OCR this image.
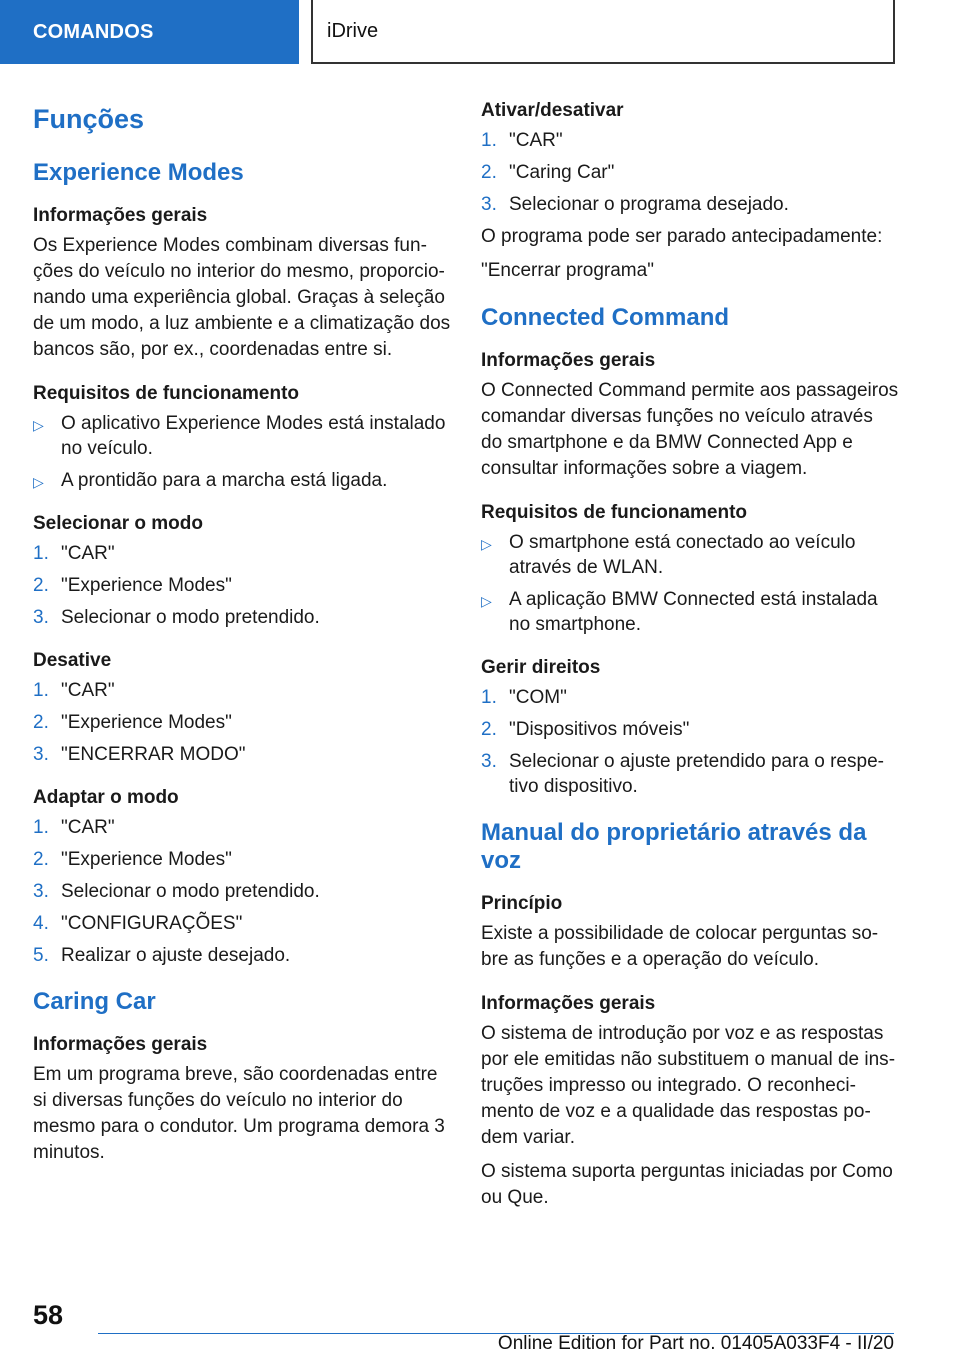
COMANDOS	iDrive
Funções
Experience Modes
Informações gerais

Os Experience Modes combinam diversas funções do veículo no interior do mesmo, proporcionando uma experiência global. Graças à seleção de um modo, a luz ambiente e a climatização dos bancos são, por ex., coordenadas entre si.

Requisitos de funcionamento
▷ O aplicativo Experience Modes está instalado no veículo.
▷ A prontidão para a marcha está ligada.
Selecionar o modo
1. "CAR"
2. "Experience Modes"
3. Selecionar o modo pretendido.
Desative
1. "CAR"
2. "Experience Modes"
3. "ENCERRAR MODO"
Adaptar o modo
1. "CAR"
2. "Experience Modes"
3. Selecionar o modo pretendido.
4. "CONFIGURAÇÕES"
5. Realizar o ajuste desejado.
Caring Car
Informações gerais

Em um programa breve, são coordenadas entre si diversas funções do veículo no interior do mesmo para o condutor. Um programa demora 3 minutos.

Ativar/desativar
1. "CAR"
2. "Caring Car"
3. Selecionar o programa desejado.

O programa pode ser parado antecipadamente:

"Encerrar programa"

Connected Command
Informações gerais

O Connected Command permite aos passageiros comandar diversas funções no veículo através do smartphone e da BMW Connected App e consultar informações sobre a viagem.

Requisitos de funcionamento
▷ O smartphone está conectado ao veículo através de WLAN.
▷ A aplicação BMW Connected está instalada no smartphone.
Gerir direitos
1. "COM"
2. "Dispositivos móveis"
3. Selecionar o ajuste pretendido para o respetivo dispositivo.
Manual do proprietário através da voz
Princípio

Existe a possibilidade de colocar perguntas sobre as funções e a operação do veículo.

Informações gerais

O sistema de introdução por voz e as respostas por ele emitidas não substituem o manual de instruções impresso ou integrado. O reconhecimento de voz e a qualidade das respostas podem variar.

O sistema suporta perguntas iniciadas por Como ou Que.

58
Online Edition for Part no. 01405A033F4 - II/20
